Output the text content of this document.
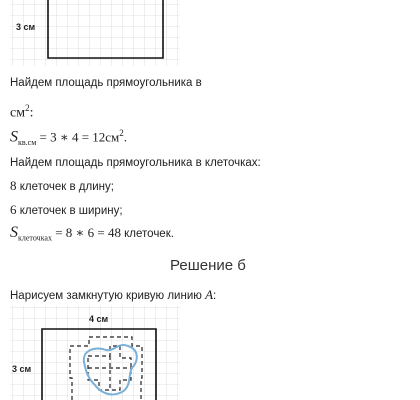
3 см
Найдем площадь прямоугольника в
$см^2$:
$S_{кв.см} = 3$ ∗ $4 = 12см^2$.
Найдем площадь прямоугольника в клеточках:
8 клеточек в длину;
6 клеточек в ширину;
$S_{клеточках} = 8$ ∗ 6 = 48 клеточек.
Решение б
Нарисуем замкнутую кривую линию A:
4 см
3 см
